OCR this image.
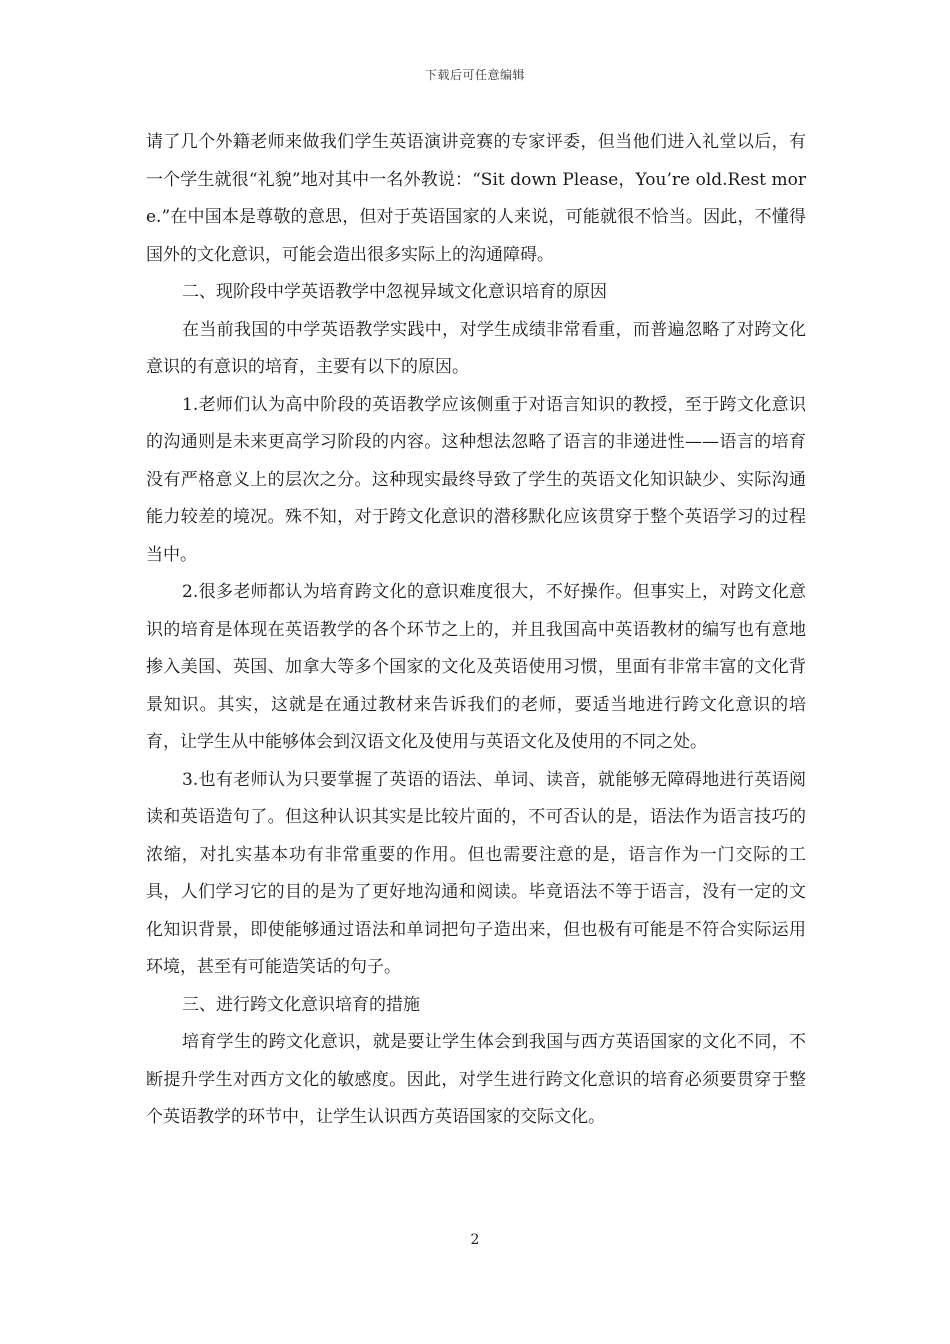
下载后可任意编辑

请了几个外籍老师来做我们学生英语演讲竞赛的专家评委，但当他们进入礼堂以后，有一个学生就很“礼貌”地对其中一名外教说：“Sit down Please，You’re old.Rest more.”在中国本是尊敬的意思，但对于英语国家的人来说，可能就很不恰当。因此，不懂得国外的文化意识，可能会造出很多实际上的沟通障碍。

二、现阶段中学英语教学中忽视异域文化意识培育的原因

在当前我国的中学英语教学实践中，对学生成绩非常看重，而普遍忽略了对跨文化意识的有意识的培育，主要有以下的原因。

1.老师们认为高中阶段的英语教学应该侧重于对语言知识的教授，至于跨文化意识的沟通则是未来更高学习阶段的内容。这种想法忽略了语言的非递进性——语言的培育没有严格意义上的层次之分。这种现实最终导致了学生的英语文化知识缺少、实际沟通能力较差的境况。殊不知，对于跨文化意识的潜移默化应该贯穿于整个英语学习的过程当中。

2.很多老师都认为培育跨文化的意识难度很大，不好操作。但事实上，对跨文化意识的培育是体现在英语教学的各个环节之上的，并且我国高中英语教材的编写也有意地掺入美国、英国、加拿大等多个国家的文化及英语使用习惯，里面有非常丰富的文化背景知识。其实，这就是在通过教材来告诉我们的老师，要适当地进行跨文化意识的培育，让学生从中能够体会到汉语文化及使用与英语文化及使用的不同之处。

3.也有老师认为只要掌握了英语的语法、单词、读音，就能够无障碍地进行英语阅读和英语造句了。但这种认识其实是比较片面的，不可否认的是，语法作为语言技巧的浓缩，对扎实基本功有非常重要的作用。但也需要注意的是，语言作为一门交际的工具，人们学习它的目的是为了更好地沟通和阅读。毕竟语法不等于语言，没有一定的文化知识背景，即使能够通过语法和单词把句子造出来，但也极有可能是不符合实际运用环境，甚至有可能造笑话的句子。

三、进行跨文化意识培育的措施

培育学生的跨文化意识，就是要让学生体会到我国与西方英语国家的文化不同，不断提升学生对西方文化的敏感度。因此，对学生进行跨文化意识的培育必须要贯穿于整个英语教学的环节中，让学生认识西方英语国家的交际文化。

2
